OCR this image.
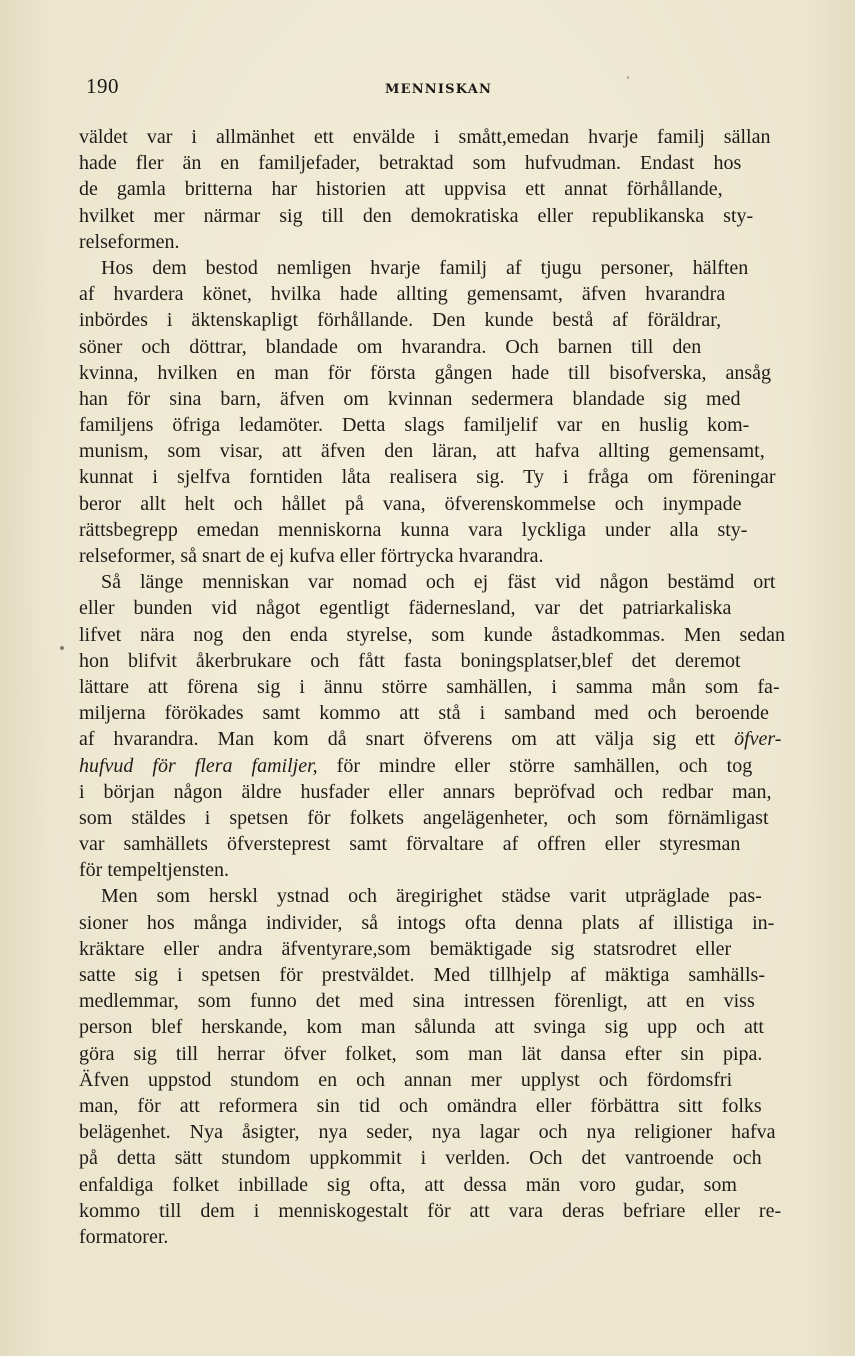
190	MENNISKAN
väldet var i allmänhet ett envälde i smått,emedan hvarje familj sällan
hade fler än en familjefader, betraktad som hufvudman. Endast hos
de gamla britterna har historien att uppvisa ett annat förhållande,
hvilket mer närmar sig till den demokratiska eller republikanska sty-
relseformen.
Hos dem bestod nemligen hvarje familj af tjugu personer, hälften
af hvardera könet, hvilka hade allting gemensamt, äfven hvarandra
inbördes i äktenskapligt förhållande. Den kunde bestå af föräldrar,
söner och döttrar, blandade om hvarandra. Och barnen till den
kvinna, hvilken en man för första gången hade till bisofverska, ansåg
han för sina barn, äfven om kvinnan sedermera blandade sig med
familjens öfriga ledamöter. Detta slags familjelif var en huslig kom-
munism, som visar, att äfven den läran, att hafva allting gemensamt,
kunnat i sjelfva forntiden låta realisera sig. Ty i fråga om föreningar
beror allt helt och hållet på vana, öfverenskommelse och inympade
rättsbegrepp emedan menniskorna kunna vara lyckliga under alla sty-
relseformer, så snart de ej kufva eller förtrycka hvarandra.
Så länge menniskan var nomad och ej fäst vid någon bestämd ort
eller bunden vid något egentligt fädernesland, var det patriarkaliska
lifvet nära nog den enda styrelse, som kunde åstadkommas. Men sedan
hon blifvit åkerbrukare och fått fasta boningsplatser,blef det deremot
lättare att förena sig i ännu större samhällen, i samma mån som fa-
miljerna förökades samt kommo att stå i samband med och beroende
af hvarandra. Man kom då snart öfverens om att välja sig ett öfver-
hufvud för flera familjer, för mindre eller större samhällen, och tog
i början någon äldre husfader eller annars bepröfvad och redbar man,
som stäldes i spetsen för folkets angelägenheter, och som förnämligast
var samhällets öfversteprest samt förvaltare af offren eller styresman
för tempeltjensten.
Men som herskl ystnad och äregirighet städse varit utpräglade pas-
sioner hos många individer, så intogs ofta denna plats af illistiga in-
kräktare eller andra äfventyrare,som bemäktigade sig statsrodret eller
satte sig i spetsen för prestväldet. Med tillhjelp af mäktiga samhälls-
medlemmar, som funno det med sina intressen förenligt, att en viss
person blef herskande, kom man sålunda att svinga sig upp och att
göra sig till herrar öfver folket, som man lät dansa efter sin pipa.
Äfven uppstod stundom en och annan mer upplyst och fördomsfri
man, för att reformera sin tid och omändra eller förbättra sitt folks
belägenhet. Nya åsigter, nya seder, nya lagar och nya religioner hafva
på detta sätt stundom uppkommit i verlden. Och det vantroende och
enfaldiga folket inbillade sig ofta, att dessa män voro gudar, som
kommo till dem i menniskogestalt för att vara deras befriare eller re-
formatorer.
